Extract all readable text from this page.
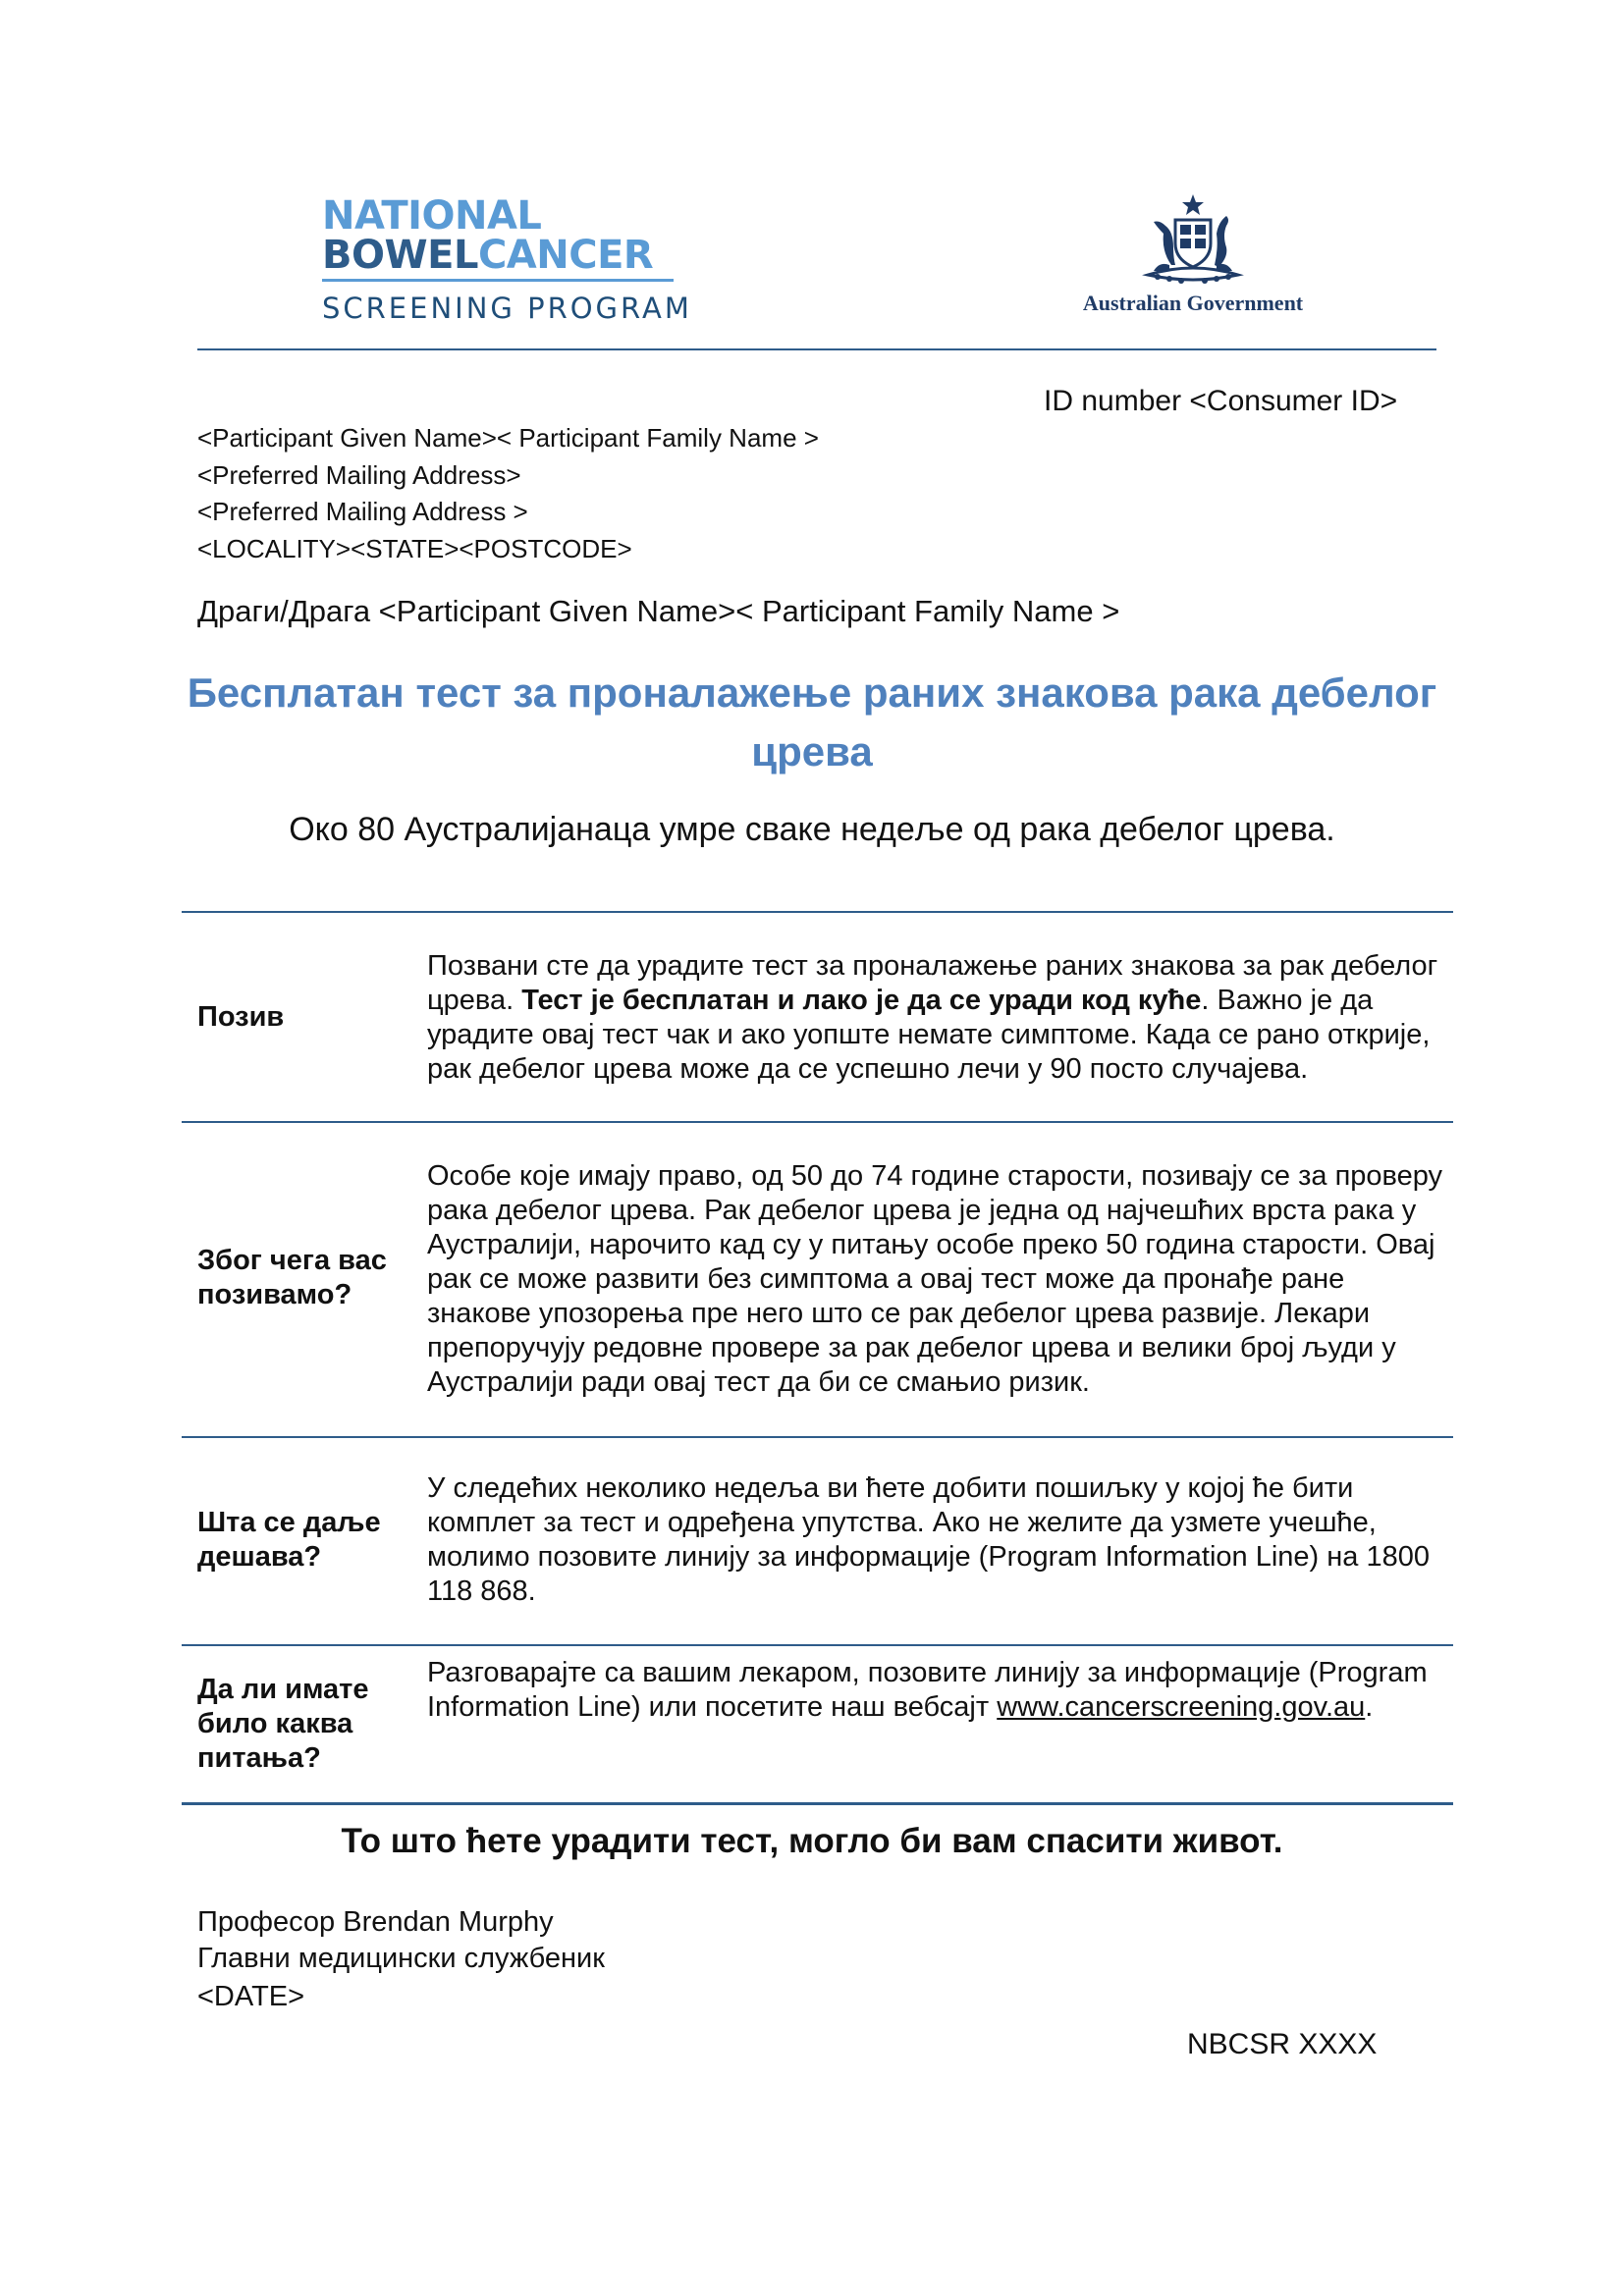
NATIONAL
BOWELCANCER
SCREENING PROGRAM	Australian Government
ID number <Consumer ID>
<Participant Given Name>< Participant Family Name >
<Preferred Mailing Address>
<Preferred Mailing Address >
<LOCALITY><STATE><POSTCODE>
Драги/Драга <Participant Given Name>< Participant Family Name >
Бесплатан тест за проналажење раних знакова рака дебелог црева
Око 80 Аустралијанаца умре сваке недеље од рака дебелог црева.
Позив
Позвани сте да урадите тест за проналажење раних знакова за рак дебелог црева. Тест је бесплатан и лако је да се уради код куће. Важно је да урадите овај тест чак и ако уопште немате симптоме. Када се рано открије, рак дебелог црева може да се успешно лечи у 90 посто случајева.
Због чега вас позивамо?
Особе које имају право, од 50 до 74 године старости, позивају се за проверу рака дебелог црева. Рак дебелог црева је једна од најчешћих врста рака у Аустралији, нарочито кад су у питању особе преко 50 година старости. Овај рак се може развити без симптома а овај тест може да пронађе ране знакове упозорења пре него што се рак дебелог црева развије. Лекари препоручују редовне провере за рак дебелог црева и велики број људи у Аустралији ради овај тест да би се смањио ризик.
Шта се даље дешава?
У следећих неколико недеља ви ћете добити пошиљку у којој ће бити комплет за тест и одређена упутства. Ако не желите да узмете учешће, молимо позовите линију за информације (Program Information Line) на 1800 118 868.
Да ли имате било каква питања?
Разговарајте са вашим лекаром, позовите линију за информације (Program Information Line) или посетите наш вебсајт www.cancerscreening.gov.au.
То што ћете урадити тест, могло би вам спасити живот.
Професор Brendan Murphy
Главни медицински службеник
<DATE>
NBCSR XXXX
